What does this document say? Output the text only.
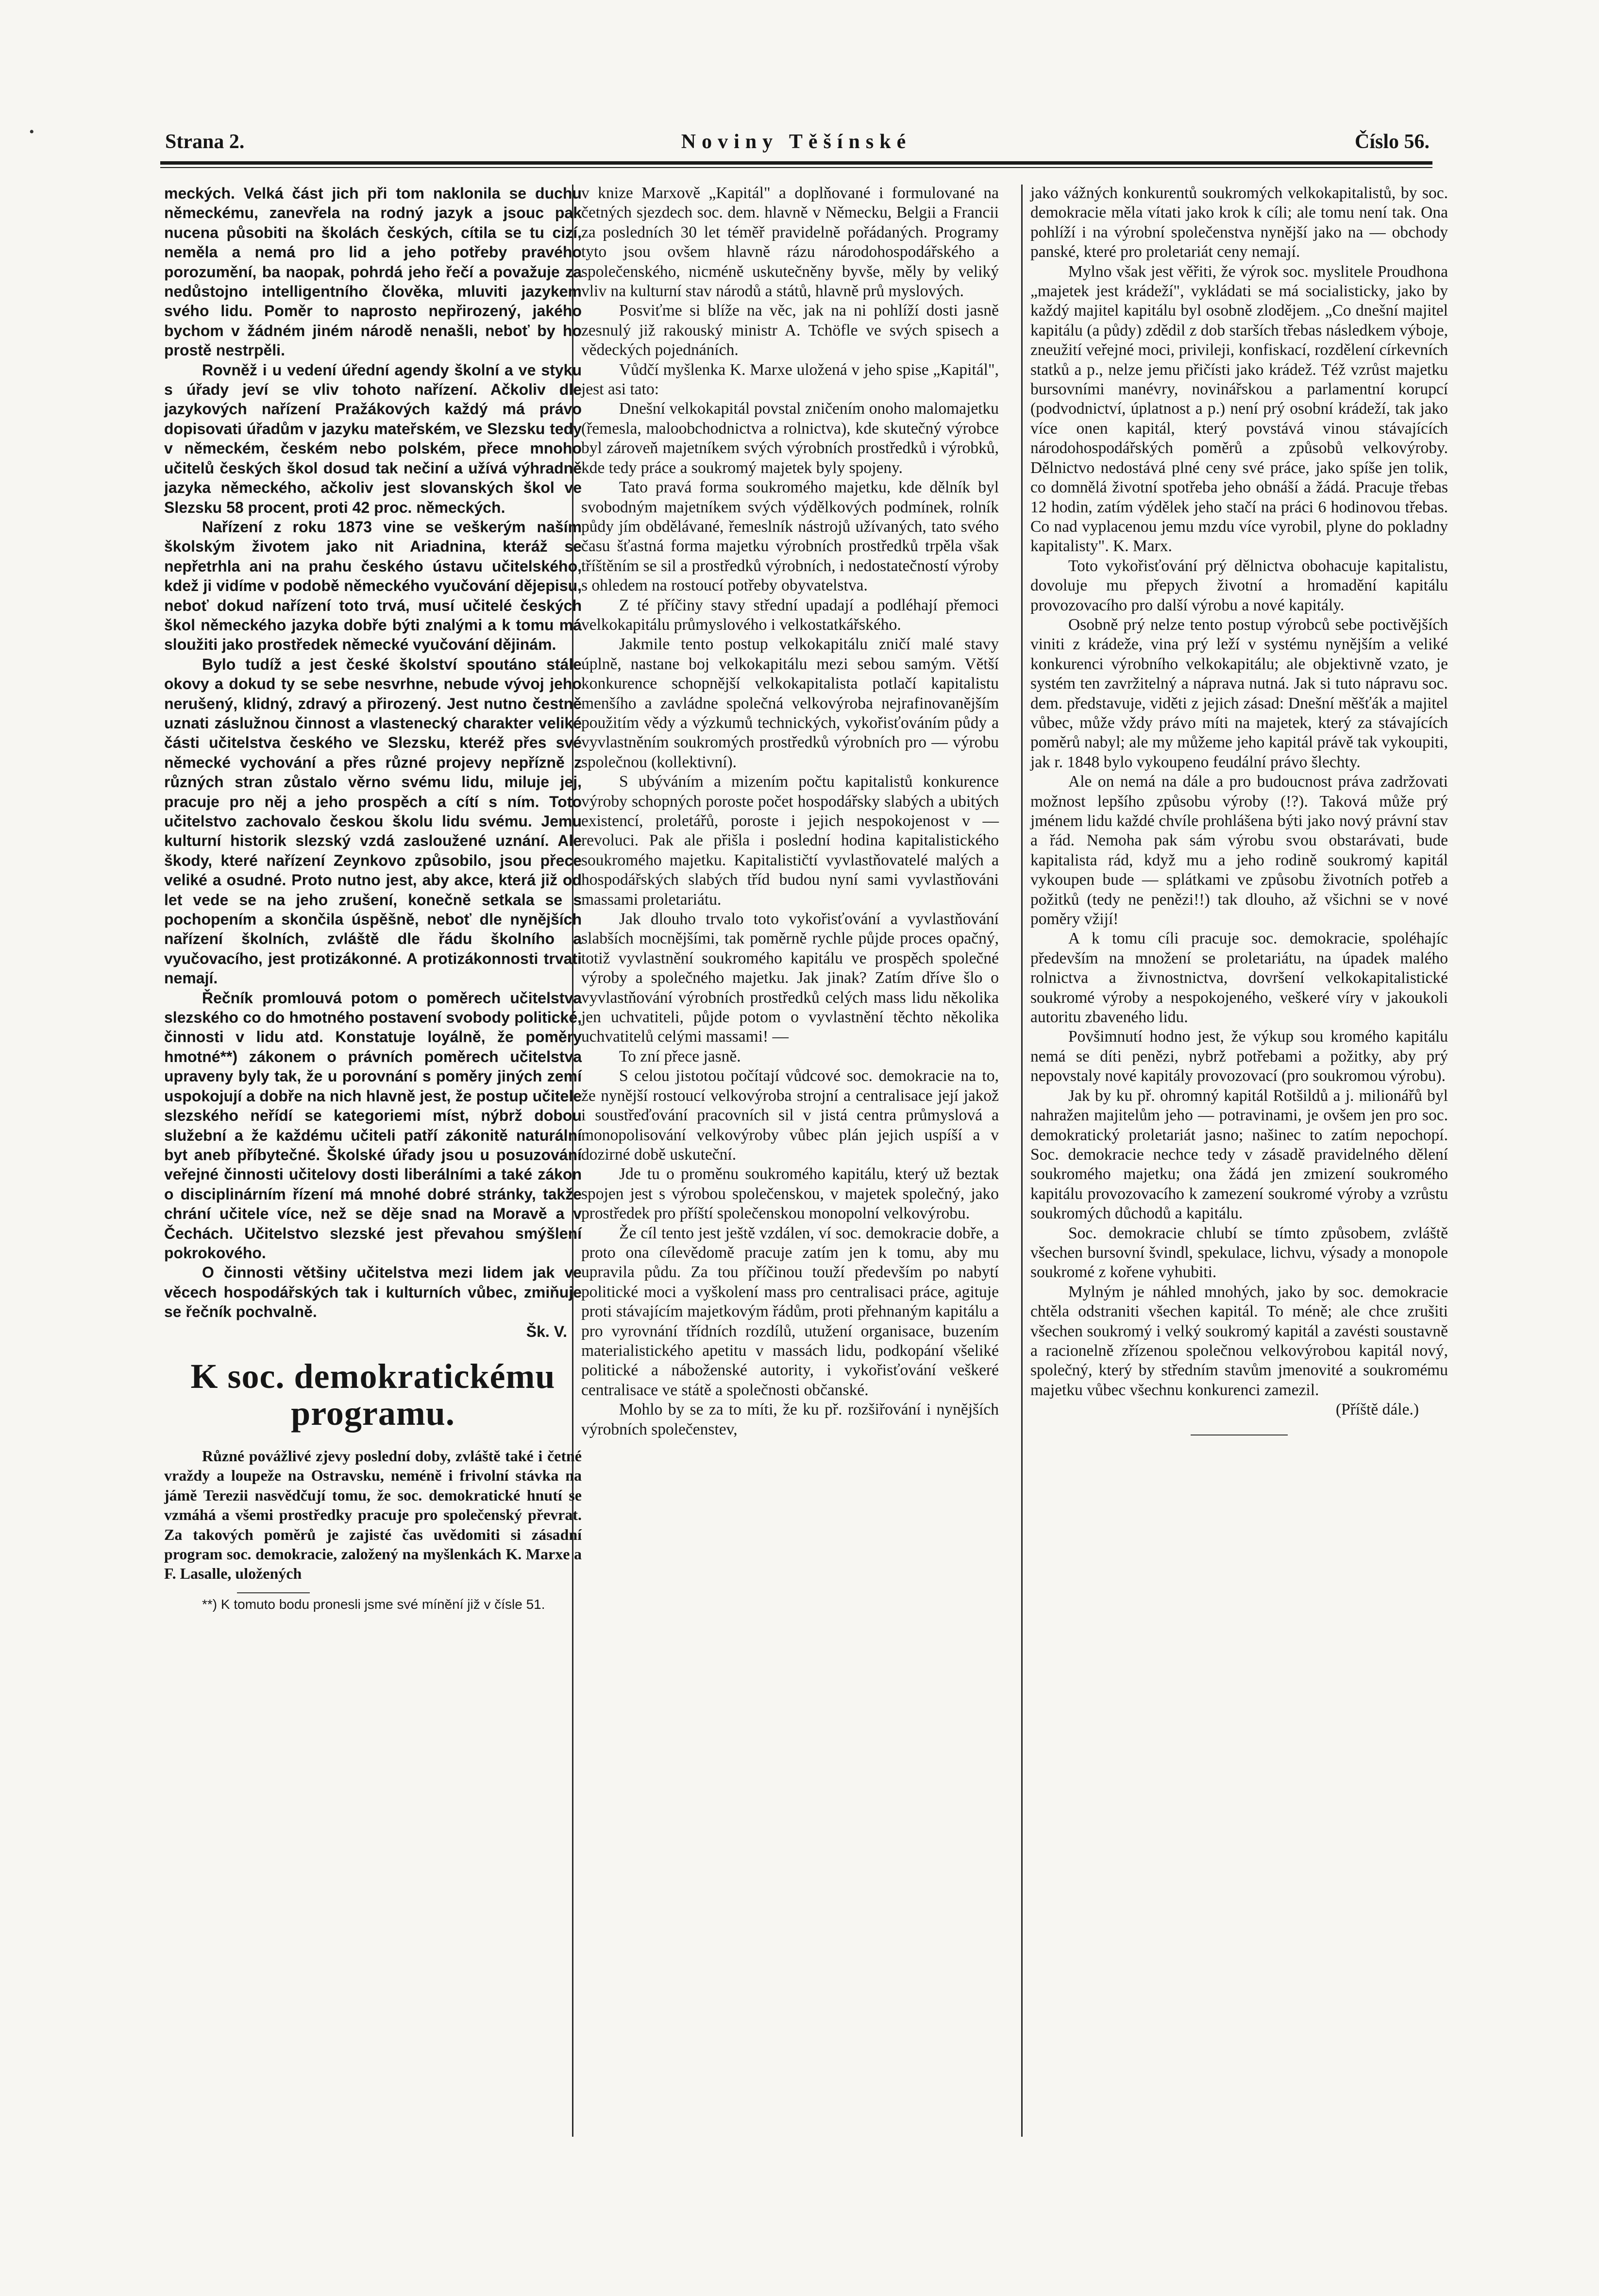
•	Strana 2.	Noviny Těšínské	Číslo 56.

meckých. Velká část jich při tom naklonila se duchu německému, zanevřela na rodný jazyk a jsouc pak nucena působiti na školách českých, cítila se tu cizí, neměla a nemá pro lid a jeho potřeby pravého porozumění, ba naopak, pohrdá jeho řečí a považuje za nedůstojno intelligentního člověka, mluviti jazykem svého lidu. Poměr to naprosto nepřirozený, jakého bychom v žádném jiném národě nenašli, neboť by ho prostě nestrpěli.

Rovněž i u vedení úřední agendy školní a ve styku s úřady jeví se vliv tohoto nařízení. Ačkoliv dle jazykových nařízení Pražákových každý má právo dopisovati úřadům v jazyku mateřském, ve Slezsku tedy v německém, českém nebo polském, přece mnoho učitelů českých škol dosud tak nečiní a užívá výhradně jazyka německého, ačkoliv jest slovanských škol ve Slezsku 58 procent, proti 42 proc. německých.

Nařízení z roku 1873 vine se veškerým naším školským životem jako nit Ariadnina, kteráž se nepřetrhla ani na prahu českého ústavu učitelského, kdež ji vidíme v podobě německého vyučování dějepisu, neboť dokud nařízení toto trvá, musí učitelé českých škol německého jazyka dobře býti znalými a k tomu má sloužiti jako prostředek německé vyučování dějinám.

Bylo tudíž a jest české školství spoutáno stále okovy a dokud ty se sebe nesvrhne, nebude vývoj jeho nerušený, klidný, zdravý a přirozený. Jest nutno čestně uznati záslužnou činnost a vlastenecký charakter veliké části učitelstva českého ve Slezsku, kteréž přes své německé vychování a přes různé projevy nepřízně z různých stran zůstalo věrno svému lidu, miluje jej, pracuje pro něj a jeho prospěch a cítí s ním. Toto učitelstvo zachovalo českou školu lidu svému. Jemu kulturní historik slezský vzdá zasloužené uznání. Ale škody, které nařízení Zeynkovo způsobilo, jsou přece veliké a osudné. Proto nutno jest, aby akce, která již od let vede se na jeho zrušení, konečně setkala se s pochopením a skončila úspěšně, neboť dle nynějších nařízení školních, zvláště dle řádu školního a vyučovacího, jest protizákonné. A protizákonnosti trvati nemají.

Řečník promlouvá potom o poměrech učitelstva slezského co do hmotného postavení svobody politické, činnosti v lidu atd. Konstatuje loyálně, že poměry hmotné**) zákonem o právních poměrech učitelstva upraveny byly tak, že u porovnání s poměry jiných zemí uspokojují a dobře na nich hlavně jest, že postup učitele slezského neřídí se kategoriemi míst, nýbrž dobou služební a že každému učiteli patří zákonitě naturální byt aneb příbytečné. Školské úřady jsou u posuzování veřejné činnosti učitelovy dosti liberálními a také zákon o disciplinárním řízení má mnohé dobré stránky, takže chrání učitele více, než se děje snad na Moravě a v Čechách. Učitelstvo slezské jest převahou smýšlení pokrokového.

O činnosti většiny učitelstva mezi lidem jak ve věcech hospodářských tak i kulturních vůbec, zmiňuje se řečník pochvalně.

Šk. V.

K soc. demokratickému programu.

Různé povážlivé zjevy poslední doby, zvláště také i četné vraždy a loupeže na Ostravsku, neméně i frivolní stávka na jámě Terezii nasvědčují tomu, že soc. demokratické hnutí se vzmáhá a všemi prostředky pracuje pro společenský převrat. Za takových poměrů je zajisté čas uvědomiti si zásadní program soc. demokracie, založený na myšlenkách K. Marxe a F. Lasalle, uložených

**) K tomuto bodu pronesli jsme své mínění již v čísle 51.

v knize Marxově „Kapitál" a doplňované i formulované na četných sjezdech soc. dem. hlavně v Německu, Belgii a Francii za posledních 30 let téměř pravidelně pořádaných. Programy tyto jsou ovšem hlavně rázu národohospodářského a společenského, nicméně uskutečněny byvše, měly by veliký vliv na kulturní stav národů a států, hlavně prů myslových.

Posviťme si blíže na věc, jak na ni pohlíží dosti jasně zesnulý již rakouský ministr A. Tchöfle ve svých spisech a vědeckých pojednáních.

Vůdčí myšlenka K. Marxe uložená v jeho spise „Kapitál", jest asi tato:

Dnešní velkokapitál povstal zničením onoho malomajetku (řemesla, maloobchodnictva a rolnictva), kde skutečný výrobce byl zároveň majetníkem svých výrobních prostředků i výrobků, kde tedy práce a soukromý majetek byly spojeny.

Tato pravá forma soukromého majetku, kde dělník byl svobodným majetníkem svých výdělkových podmínek, rolník půdy jím obdělávané, řemeslník nástrojů užívaných, tato svého času šťastná forma majetku výrobních prostředků trpěla však tříštěním se sil a prostředků výrobních, i nedostatečností výroby s ohledem na rostoucí potřeby obyvatelstva.

Z té příčiny stavy střední upadají a podléhají přemoci velkokapitálu průmyslového i velkostatkářského.

Jakmile tento postup velkokapitálu zničí malé stavy úplně, nastane boj velkokapitálu mezi sebou samým. Větší konkurence schopnější velkokapitalista potlačí kapitalistu menšího a zavládne společná velkovýroba nejrafinovanějším použitím vědy a výzkumů technických, vykořisťováním půdy a vyvlastněním soukromých prostředků výrobních pro — výrobu společnou (kollektivní).

S ubýváním a mizením počtu kapitalistů konkurence výroby schopných poroste počet hospodářsky slabých a ubitých existencí, proletářů, poroste i jejich nespokojenost v — revoluci. Pak ale přišla i poslední hodina kapitalistického soukromého majetku. Kapitalističtí vyvlastňovatelé malých a hospodářských slabých tříd budou nyní sami vyvlastňováni massami proletariátu.

Jak dlouho trvalo toto vykořisťování a vyvlastňování slabších mocnějšími, tak poměrně rychle půjde proces opačný, totiž vyvlastnění soukromého kapitálu ve prospěch společné výroby a společného majetku. Jak jinak? Zatím dříve šlo o vyvlastňování výrobních prostředků celých mass lidu několika jen uchvatiteli, půjde potom o vyvlastnění těchto několika uchvatitelů celými massami! —

To zní přece jasně.

S celou jistotou počítají vůdcové soc. demokracie na to, že nynější rostoucí velkovýroba strojní a centralisace její jakož i soustřeďování pracovních sil v jistá centra průmyslová a monopolisování velkovýroby vůbec plán jejich uspíší a v dozirné době uskuteční.

Jde tu o proměnu soukromého kapitálu, který už beztak spojen jest s výrobou společenskou, v majetek společný, jako prostředek pro příští společenskou monopolní velkovýrobu.

Že cíl tento jest ještě vzdálen, ví soc. demokracie dobře, a proto ona cílevědomě pracuje zatím jen k tomu, aby mu upravila půdu. Za tou příčinou touží především po nabytí politické moci a vyškolení mass pro centralisaci práce, agituje proti stávajícím majetkovým řádům, proti přehnaným kapitálu a pro vyrovnání třídních rozdílů, utužení organisace, buzením materialistického apetitu v massách lidu, podkopání všeliké politické a náboženské autority, i vykořisťování veškeré centralisace ve státě a společnosti občanské.

Mohlo by se za to míti, že ku př. rozšiřování i nynějších výrobních společenstev,

jako vážných konkurentů soukromých velkokapitalistů, by soc. demokracie měla vítati jako krok k cíli; ale tomu není tak. Ona pohlíží i na výrobní společenstva nynější jako na — obchody panské, které pro proletariát ceny nemají.

Mylno však jest věřiti, že výrok soc. myslitele Proudhona „majetek jest krádeží", vykládati se má socialisticky, jako by každý majitel kapitálu byl osobně zlodějem. „Co dnešní majitel kapitálu (a půdy) zdědil z dob starších třebas následkem výboje, zneužití veřejné moci, privileji, konfiskací, rozdělení církevních statků a p., nelze jemu přičísti jako krádež. Též vzrůst majetku bursovními manévry, novinářskou a parlamentní korupcí (podvodnictví, úplatnost a p.) není prý osobní krádeží, tak jako více onen kapitál, který povstává vinou stávajících národohospodářských poměrů a způsobů velkovýroby. Dělnictvo nedostává plné ceny své práce, jako spíše jen tolik, co domnělá životní spotřeba jeho obnáší a žádá. Pracuje třebas 12 hodin, zatím výdělek jeho stačí na práci 6 hodinovou třebas. Co nad vyplacenou jemu mzdu více vyrobil, plyne do pokladny kapitalisty". K. Marx.

Toto vykořisťování prý dělnictva obohacuje kapitalistu, dovoluje mu přepych životní a hromadění kapitálu provozovacího pro další výrobu a nové kapitály.

Osobně prý nelze tento postup výrobců sebe poctivějších viniti z krádeže, vina prý leží v systému nynějším a veliké konkurenci výrobního velkokapitálu; ale objektivně vzato, je systém ten zavržitelný a náprava nutná. Jak si tuto nápravu soc. dem. představuje, viděti z jejich zásad: Dnešní měšťák a majitel vůbec, může vždy právo míti na majetek, který za stávajících poměrů nabyl; ale my můžeme jeho kapitál právě tak vykoupiti, jak r. 1848 bylo vykoupeno feudální právo šlechty.

Ale on nemá na dále a pro budoucnost práva zadržovati možnost lepšího způsobu výroby (!?). Taková může prý jménem lidu každé chvíle prohlášena býti jako nový právní stav a řád. Nemoha pak sám výrobu svou obstarávati, bude kapitalista rád, když mu a jeho rodině soukromý kapitál vykoupen bude — splátkami ve způsobu životních potřeb a požitků (tedy ne penězi!!) tak dlouho, až všichni se v nové poměry vžijí!

A k tomu cíli pracuje soc. demokracie, spoléhajíc především na množení se proletariátu, na úpadek malého rolnictva a živnostnictva, dovršení velkokapitalistické soukromé výroby a nespokojeného, veškeré víry v jakoukoli autoritu zbaveného lidu.

Povšimnutí hodno jest, že výkup sou kromého kapitálu nemá se díti penězi, nybrž potřebami a požitky, aby prý nepovstaly nové kapitály provozovací (pro soukromou výrobu).

Jak by ku př. ohromný kapitál Rotšildů a j. milionářů byl nahražen majitelům jeho — potravinami, je ovšem jen pro soc. demokratický proletariát jasno; našinec to zatím nepochopí. Soc. demokracie nechce tedy v zásadě pravidelného dělení soukromého majetku; ona žádá jen zmizení soukromého kapitálu provozovacího k zamezení soukromé výroby a vzrůstu soukromých důchodů a kapitálu.

Soc. demokracie chlubí se tímto způsobem, zvláště všechen bursovní švindl, spekulace, lichvu, výsady a monopole soukromé z kořene vyhubiti.

Mylným je náhled mnohých, jako by soc. demokracie chtěla odstraniti všechen kapitál. To méně; ale chce zrušiti všechen soukromý i velký soukromý kapitál a zavésti soustavně a racionelně zřízenou společnou velkovýrobou kapitál nový, společný, který by středním stavům jmenovité a soukromému majetku vůbec všechnu konkurenci zamezil.

(Příště dále.)
